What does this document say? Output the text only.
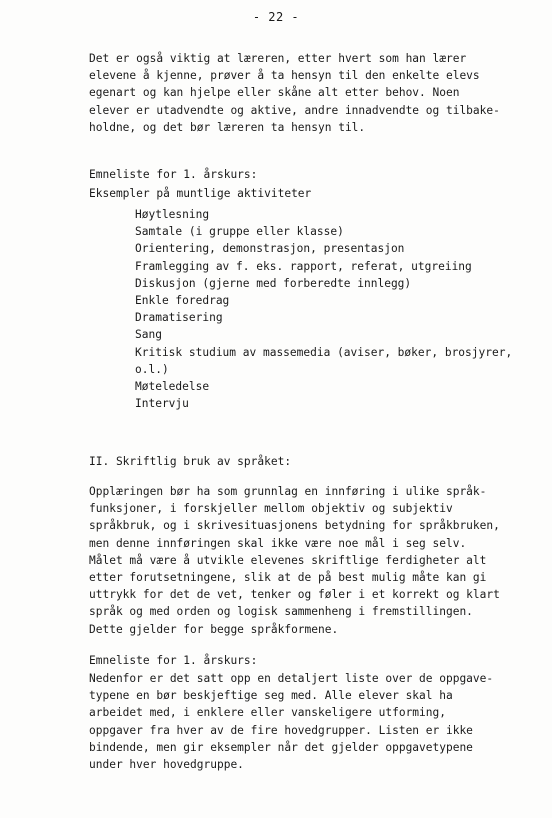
- 22 -
Det er også viktig at læreren, etter hvert som han lærer
elevene å kjenne, prøver å ta hensyn til den enkelte elevs
egenart og kan hjelpe eller skåne alt etter behov. Noen
elever er utadvendte og aktive, andre innadvendte og tilbake-
holdne, og det bør læreren ta hensyn til.
Emneliste for 1. årskurs:
Eksempler på muntlige aktiviteter
Høytlesning
Samtale (i gruppe eller klasse)
Orientering, demonstrasjon, presentasjon
Framlegging av f. eks. rapport, referat, utgreiing
Diskusjon (gjerne med forberedte innlegg)
Enkle foredrag
Dramatisering
Sang
Kritisk studium av massemedia (aviser, bøker, brosjyrer,
o.l.)
Møteledelse
Intervju
II. Skriftlig bruk av språket:
Opplæringen bør ha som grunnlag en innføring i ulike språk-
funksjoner, i forskjeller mellom objektiv og subjektiv
språkbruk, og i skrivesituasjonens betydning for språkbruken,
men denne innføringen skal ikke være noe mål i seg selv.
Målet må være å utvikle elevenes skriftlige ferdigheter alt
etter forutsetningene, slik at de på best mulig måte kan gi
uttrykk for det de vet, tenker og føler i et korrekt og klart
språk og med orden og logisk sammenheng i fremstillingen.
Dette gjelder for begge språkformene.
Emneliste for 1. årskurs:
Nedenfor er det satt opp en detaljert liste over de oppgave-
typene en bør beskjeftige seg med. Alle elever skal ha
arbeidet med, i enklere eller vanskeligere utforming,
oppgaver fra hver av de fire hovedgrupper. Listen er ikke
bindende, men gir eksempler når det gjelder oppgavetypene
under hver hovedgruppe.
